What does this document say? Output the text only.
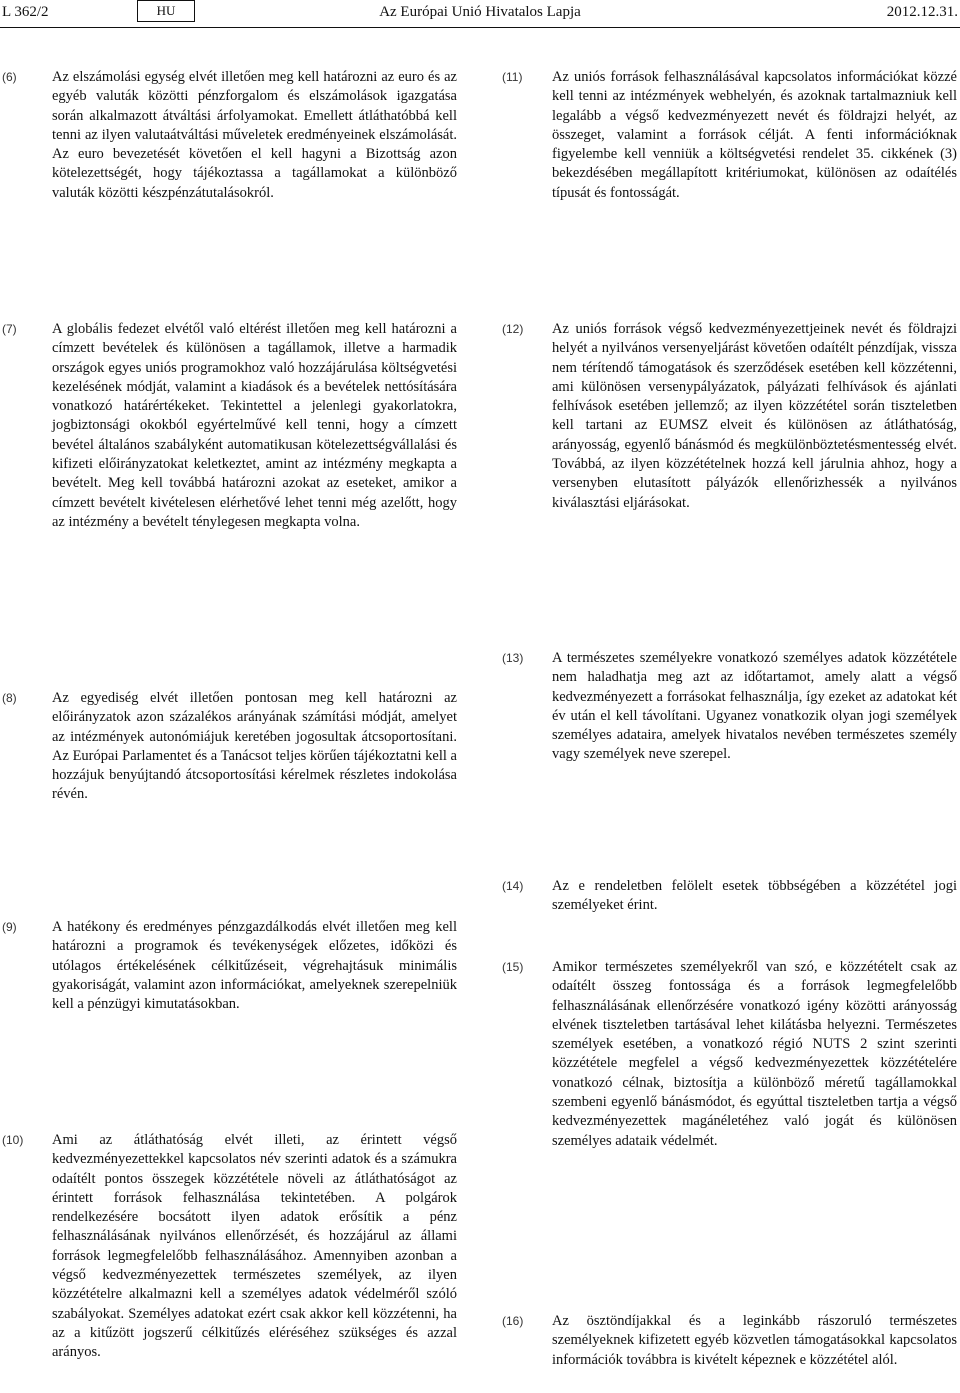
L 362/2	HU	Az Európai Unió Hivatalos Lapja	2012.12.31.
(6)	Az elszámolási egység elvét illetően meg kell határozni az euro és az egyéb valuták közötti pénzforgalom és elszámolások igazgatása során alkalmazott átváltási árfolyamokat. Emellett átláthatóbbá kell tenni az ilyen valutaátváltási műveletek eredményeinek elszámolását. Az euro bevezetését követően el kell hagyni a Bizottság azon kötelezettségét, hogy tájékoztassa a tagállamokat a különböző valuták közötti készpénzátutalásokról.
(7)	A globális fedezet elvétől való eltérést illetően meg kell határozni a címzett bevételek és különösen a tagállamok, illetve a harmadik országok egyes uniós programokhoz való hozzájárulása költségvetési kezelésének módját, valamint a kiadások és a bevételek nettósítására vonatkozó határértékeket. Tekintettel a jelenlegi gyakorlatokra, jogbiztonsági okokból egyértelművé kell tenni, hogy a címzett bevétel általános szabályként automatikusan kötelezettségvállalási és kifizeti előirányzatokat keletkeztet, amint az intézmény megkapta a bevételt. Meg kell továbbá határozni azokat az eseteket, amikor a címzett bevételt kivételesen elérhetővé lehet tenni még azelőtt, hogy az intézmény a bevételt ténylegesen megkapta volna.
(8)	Az egyediség elvét illetően pontosan meg kell határozni az előirányzatok azon százalékos arányának számítási módját, amelyet az intézmények autonómiájuk keretében jogosultak átcsoportosítani. Az Európai Parlamentet és a Tanácsot teljes körűen tájékoztatni kell a hozzájuk benyújtandó átcsoportosítási kérelmek részletes indokolása révén.
(9)	A hatékony és eredményes pénzgazdálkodás elvét illetően meg kell határozni a programok és tevékenységek előzetes, időközi és utólagos értékelésének célkitűzéseit, végrehajtásuk minimális gyakoriságát, valamint azon információkat, amelyeknek szerepelniük kell a pénzügyi kimutatásokban.
(10)	Ami az átláthatóság elvét illeti, az érintett végső kedvezményezettekkel kapcsolatos név szerinti adatok és a számukra odaítélt pontos összegek közzététele növeli az átláthatóságot az érintett források felhasználása tekintetében. A polgárok rendelkezésére bocsátott ilyen adatok erősítik a pénz felhasználásának nyilvános ellenőrzését, és hozzájárul az állami források legmegfelelőbb felhasználásához. Amennyiben azonban a végső kedvezményezettek természetes személyek, az ilyen közzétételre alkalmazni kell a személyes adatok védelméről szóló szabályokat. Személyes adatokat ezért csak akkor kell közzétenni, ha az a kitűzött jogszerű célkitűzés eléréséhez szükséges és azzal arányos.
(11)	Az uniós források felhasználásával kapcsolatos információkat közzé kell tenni az intézmények webhelyén, és azoknak tartalmazniuk kell legalább a végső kedvezményezett nevét és földrajzi helyét, az összeget, valamint a források célját. A fenti információknak figyelembe kell venniük a költségvetési rendelet 35. cikkének (3) bekezdésében megállapított kritériumokat, különösen az odaítélés típusát és fontosságát.
(12)	Az uniós források végső kedvezményezettjeinek nevét és földrajzi helyét a nyilvános versenyeljárást követően odaítélt pénzdíjak, vissza nem térítendő támogatások és szerződések esetében kell közzétenni, ami különösen versenypályázatok, pályázati felhívások és ajánlati felhívások esetében jellemző; az ilyen közzététel során tiszteletben kell tartani az EUMSZ elveit és különösen az átláthatóság, arányosság, egyenlő bánásmód és megkülönböztetésmentesség elvét. Továbbá, az ilyen közzétételnek hozzá kell járulnia ahhoz, hogy a versenyben elutasított pályázók ellenőrizhessék a nyilvános kiválasztási eljárásokat.
(13)	A természetes személyekre vonatkozó személyes adatok közzététele nem haladhatja meg azt az időtartamot, amely alatt a végső kedvezményezett a forrásokat felhasználja, így ezeket az adatokat két év után el kell távolítani. Ugyanez vonatkozik olyan jogi személyek személyes adataira, amelyek hivatalos nevében természetes személy vagy személyek neve szerepel.
(14)	Az e rendeletben felölelt esetek többségében a közzététel jogi személyeket érint.
(15)	Amikor természetes személyekről van szó, e közzétételt csak az odaítélt összeg fontossága és a források legmegfelelőbb felhasználásának ellenőrzésére vonatkozó igény közötti arányosság elvének tiszteletben tartásával lehet kilátásba helyezni. Természetes személyek esetében, a vonatkozó régió NUTS 2 szint szerinti közzététele megfelel a végső kedvezményezettek közzétételére vonatkozó célnak, biztosítja a különböző méretű tagállamokkal szembeni egyenlő bánásmódot, és egyúttal tiszteletben tartja a végső kedvezményezettek magánéletéhez való jogát és különösen személyes adataik védelmét.
(16)	Az ösztöndíjakkal és a leginkább rászoruló természetes személyeknek kifizetett egyéb közvetlen támogatásokkal kapcsolatos információk továbbra is kivételt képeznek e közzététel alól.
